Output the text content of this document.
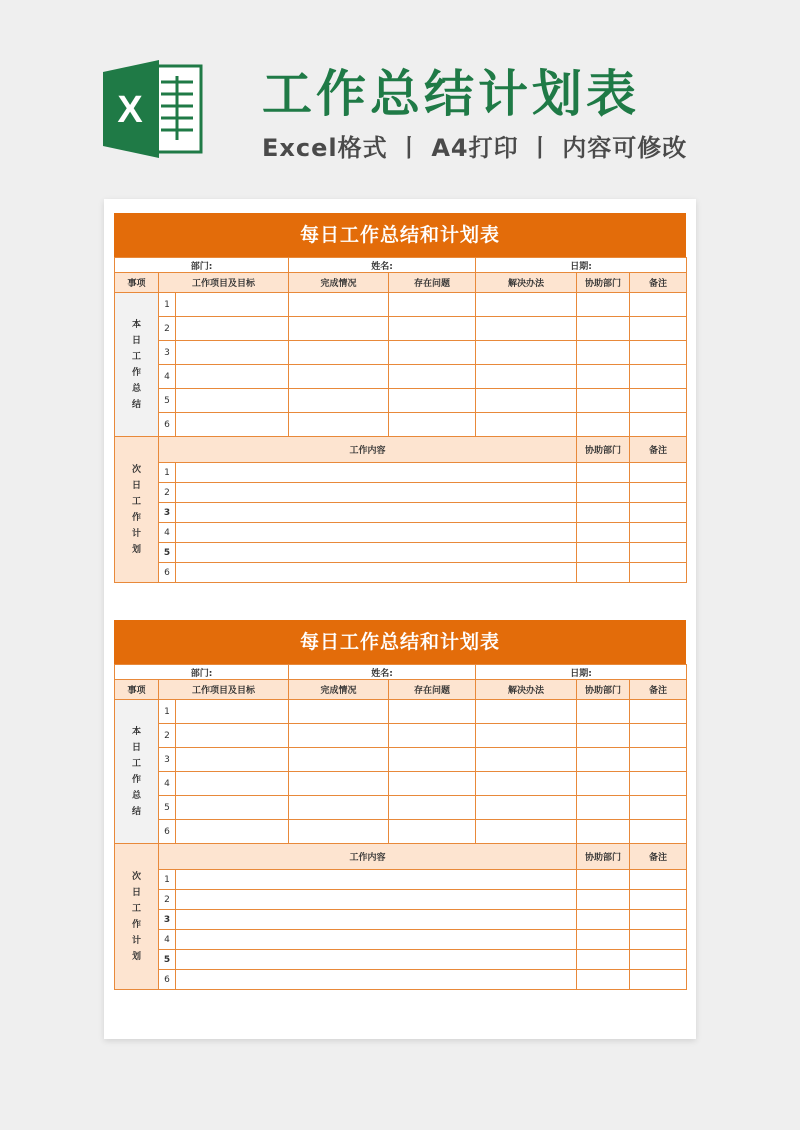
X 工作总结计划表
Excel格式 丨 A4打印 丨 内容可修改
每日工作总结和计划表
部门:			姓名:		日期:		
事项	工作项目及目标		完成情况	存在问题	解决办法	协助部门	备注
本日工作总结	1						
	2						
	3						
	4						
	5						
	6						
次日工作计划	工作内容					协助部门	备注
	1						
	2						
	3						
	4						
	5						
	6						
每日工作总结和计划表
部门:			姓名:		日期:		
事项	工作项目及目标		完成情况	存在问题	解决办法	协助部门	备注
本日工作总结	1						
	2						
	3						
	4						
	5						
	6						
次日工作计划	工作内容					协助部门	备注
	1						
	2						
	3						
	4						
	5						
	6						
